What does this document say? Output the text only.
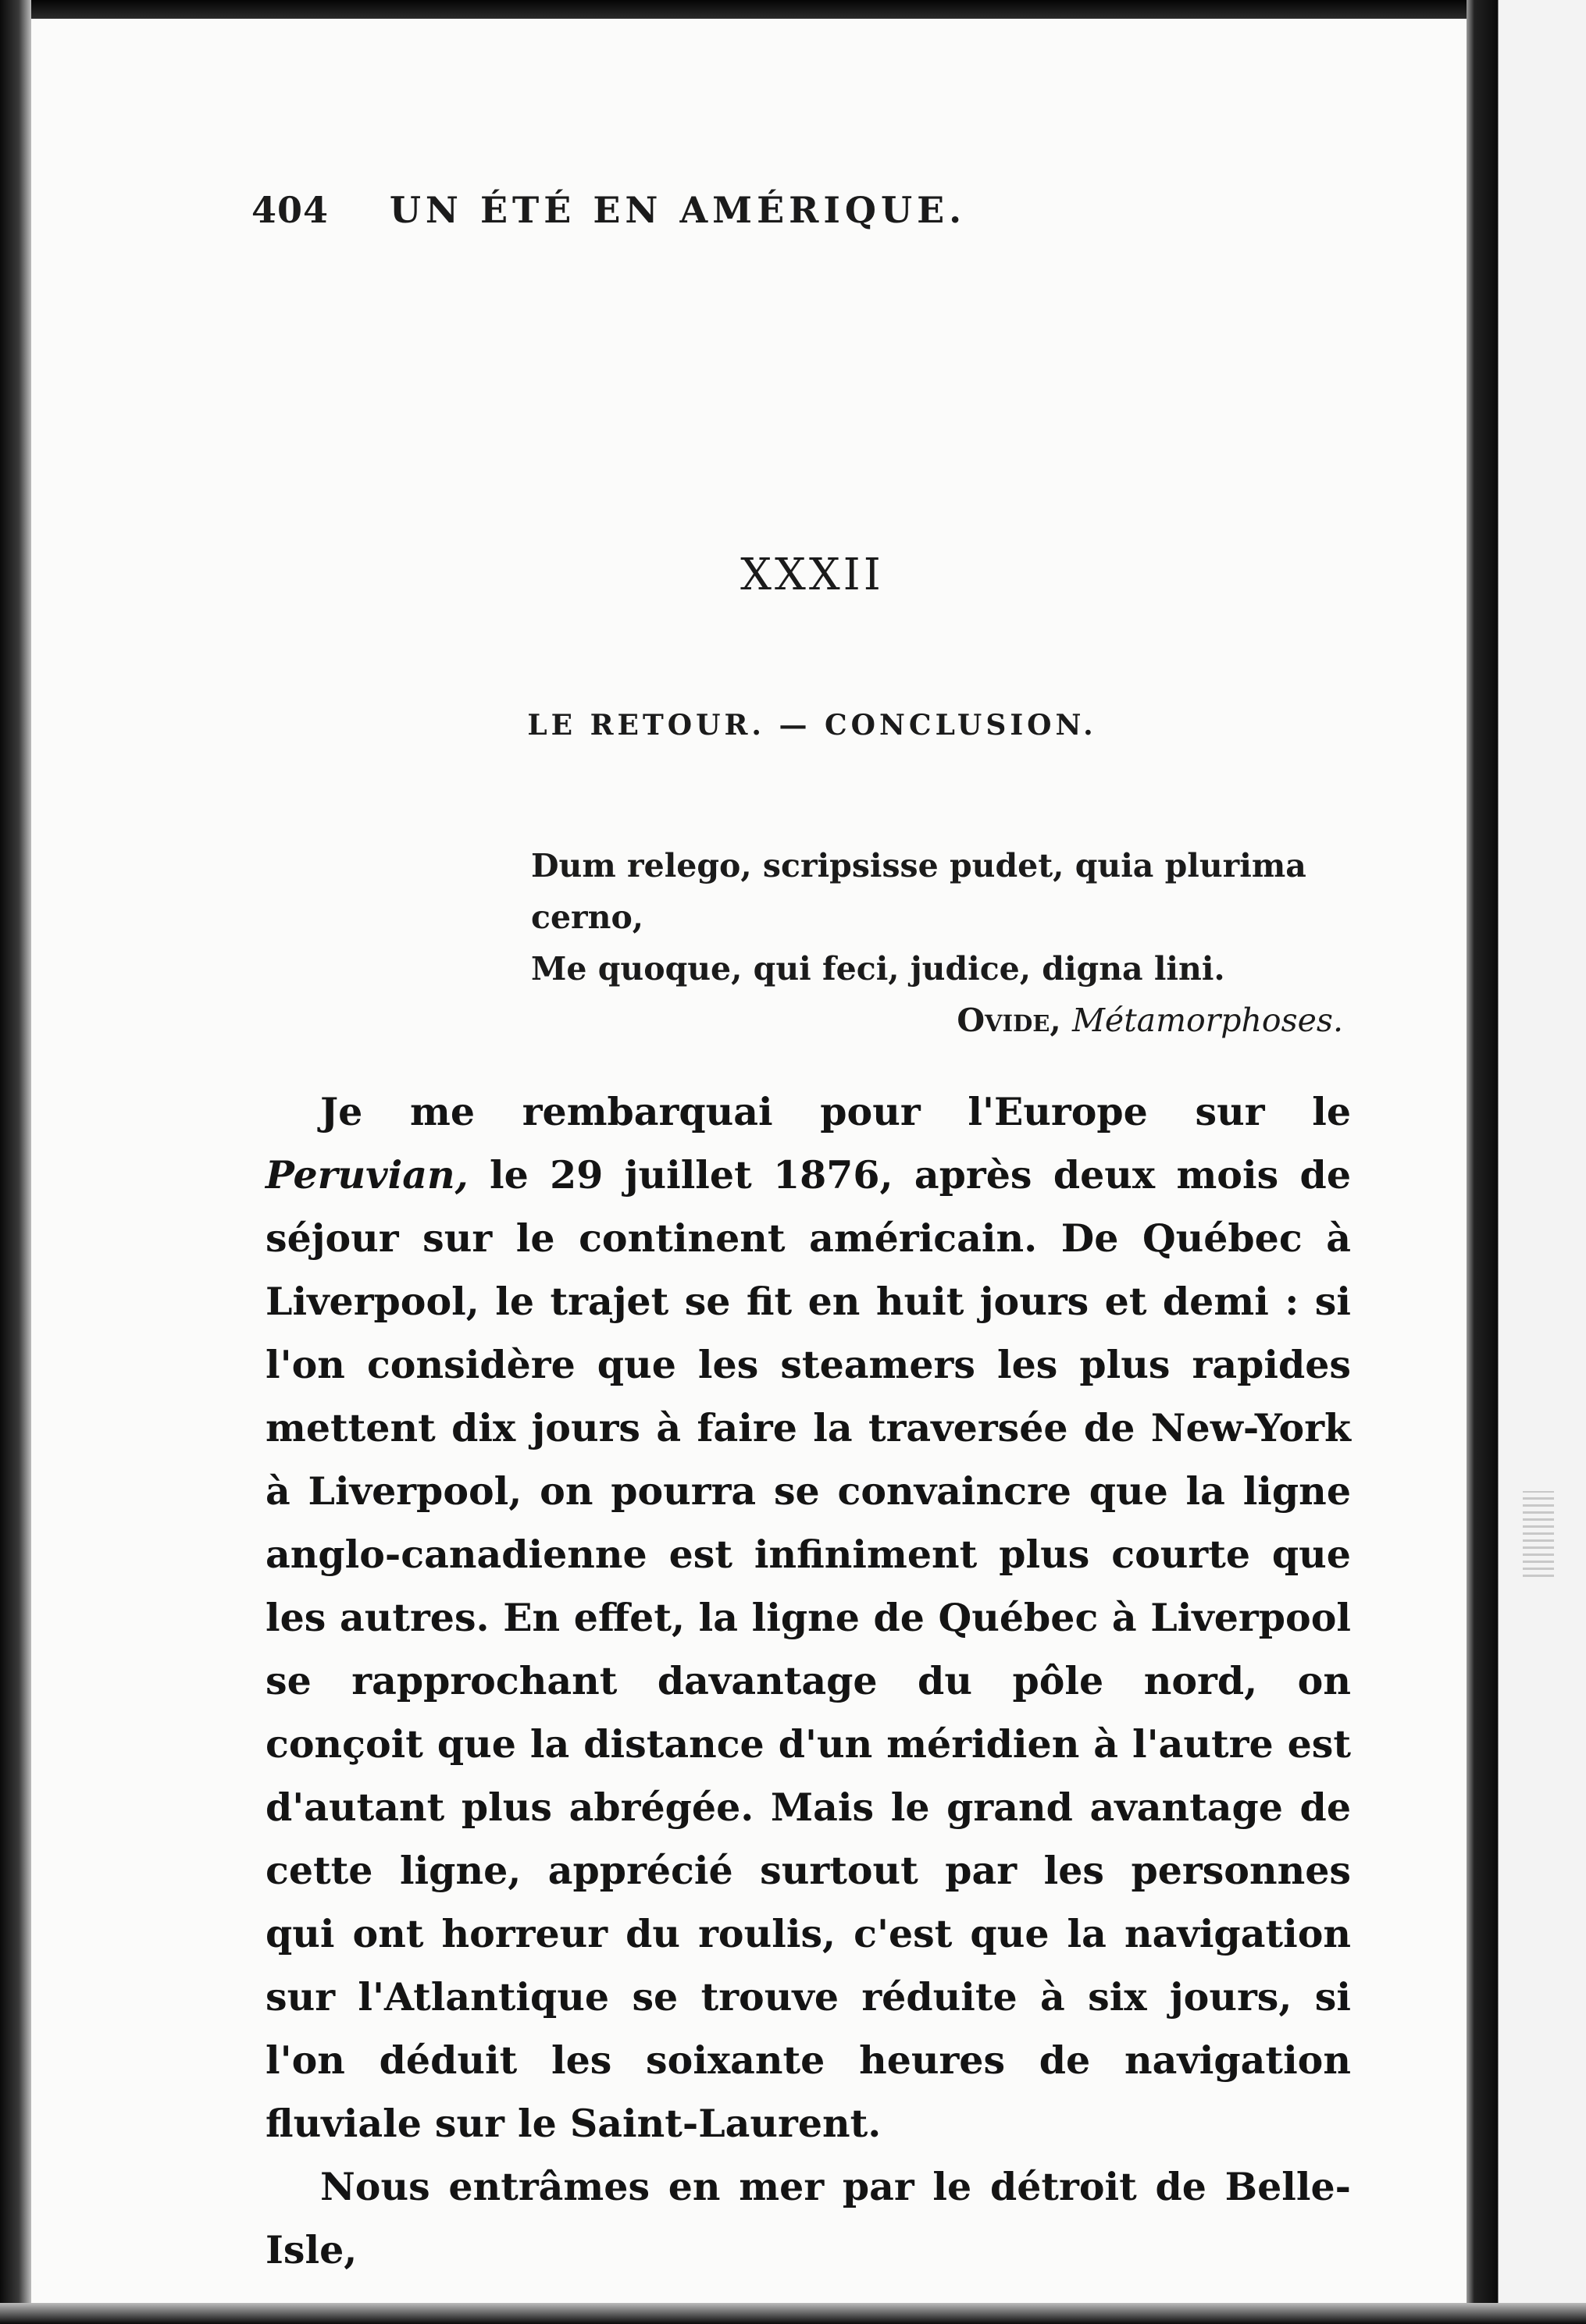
404	UN ÉTÉ EN AMÉRIQUE.
XXXII
LE RETOUR. — CONCLUSION.
Dum relego, scripsisse pudet, quia plurima cerno,
Me quoque, qui feci, judice, digna lini.
Ovide, Métamorphoses.

Je me rembarquai pour l'Europe sur le Peruvian, le 29 juillet 1876, après deux mois de séjour sur le continent américain. De Québec à Liverpool, le trajet se fit en huit jours et demi : si l'on considère que les steamers les plus rapides mettent dix jours à faire la traversée de New-York à Liverpool, on pourra se convaincre que la ligne anglo-canadienne est infiniment plus courte que les autres. En effet, la ligne de Québec à Liverpool se rapprochant davantage du pôle nord, on conçoit que la distance d'un méridien à l'autre est d'autant plus abrégée. Mais le grand avantage de cette ligne, apprécié surtout par les personnes qui ont horreur du roulis, c'est que la navigation sur l'Atlantique se trouve réduite à six jours, si l'on déduit les soixante heures de navigation fluviale sur le Saint-Laurent.

Nous entrâmes en mer par le détroit de Belle-Isle,
